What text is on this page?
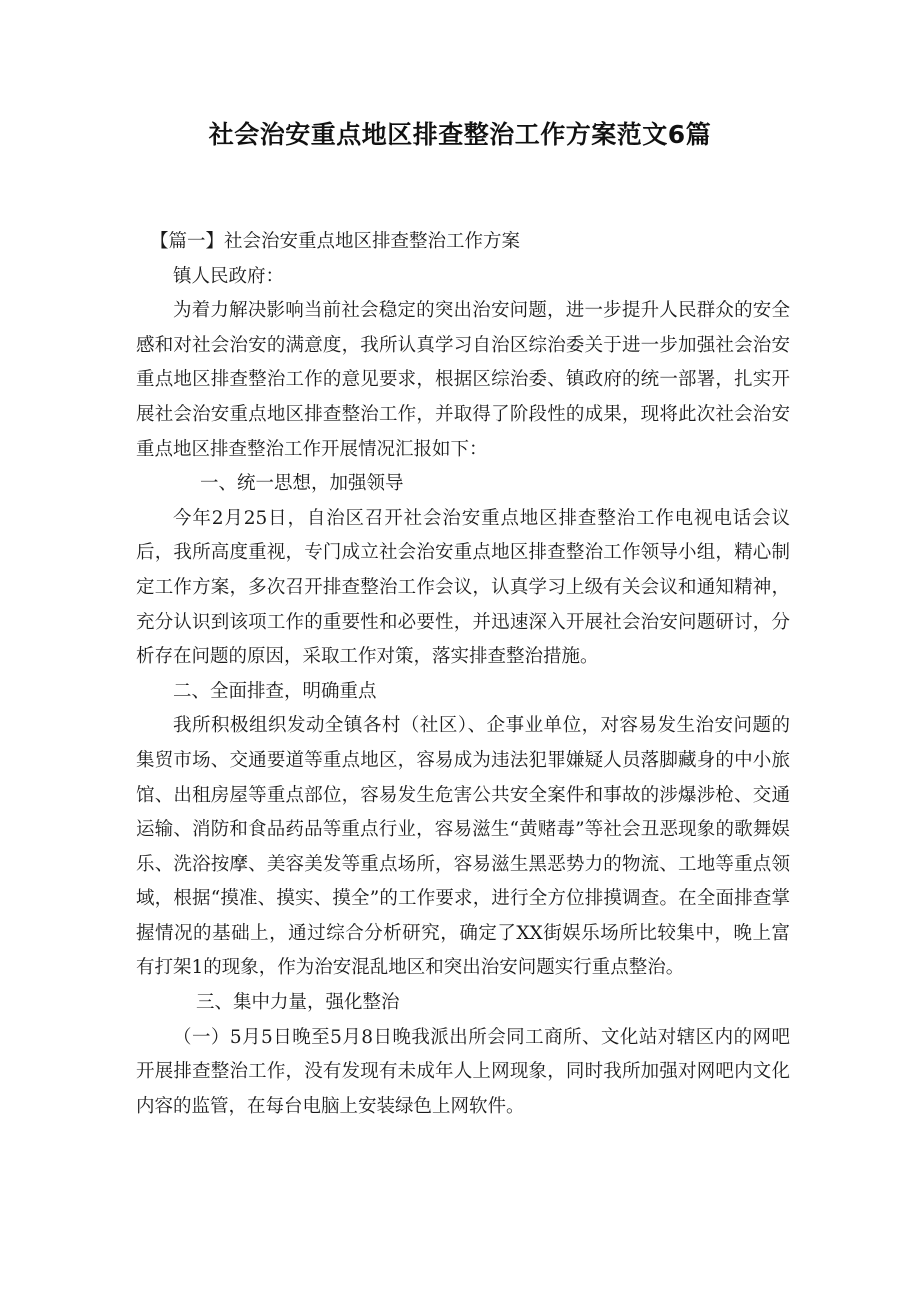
社会治安重点地区排查整治工作方案范文6篇

【篇一】社会治安重点地区排查整治工作方案

镇人民政府：

为着力解决影响当前社会稳定的突出治安问题，进一步提升人民群众的安全感和对社会治安的满意度，我所认真学习自治区综治委关于进一步加强社会治安重点地区排查整治工作的意见要求，根据区综治委、镇政府的统一部署，扎实开展社会治安重点地区排查整治工作，并取得了阶段性的成果，现将此次社会治安重点地区排查整治工作开展情况汇报如下：

一、统一思想，加强领导

今年2月25日，自治区召开社会治安重点地区排查整治工作电视电话会议后，我所高度重视，专门成立社会治安重点地区排查整治工作领导小组，精心制定工作方案，多次召开排查整治工作会议，认真学习上级有关会议和通知精神，充分认识到该项工作的重要性和必要性，并迅速深入开展社会治安问题研讨，分析存在问题的原因，采取工作对策，落实排查整治措施。

二、全面排查，明确重点

我所积极组织发动全镇各村（社区）、企事业单位，对容易发生治安问题的集贸市场、交通要道等重点地区，容易成为违法犯罪嫌疑人员落脚藏身的中小旅馆、出租房屋等重点部位，容易发生危害公共安全案件和事故的涉爆涉枪、交通运输、消防和食品药品等重点行业，容易滋生“黄赌毒”等社会丑恶现象的歌舞娱乐、洗浴按摩、美容美发等重点场所，容易滋生黑恶势力的物流、工地等重点领域，根据“摸准、摸实、摸全”的工作要求，进行全方位排摸调查。在全面排查掌握情况的基础上，通过综合分析研究，确定了XX街娱乐场所比较集中，晚上富有打架1的现象，作为治安混乱地区和突出治安问题实行重点整治。

三、集中力量，强化整治

（一）5月5日晚至5月8日晚我派出所会同工商所、文化站对辖区内的网吧开展排查整治工作，没有发现有未成年人上网现象，同时我所加强对网吧内文化内容的监管，在每台电脑上安装绿色上网软件。
